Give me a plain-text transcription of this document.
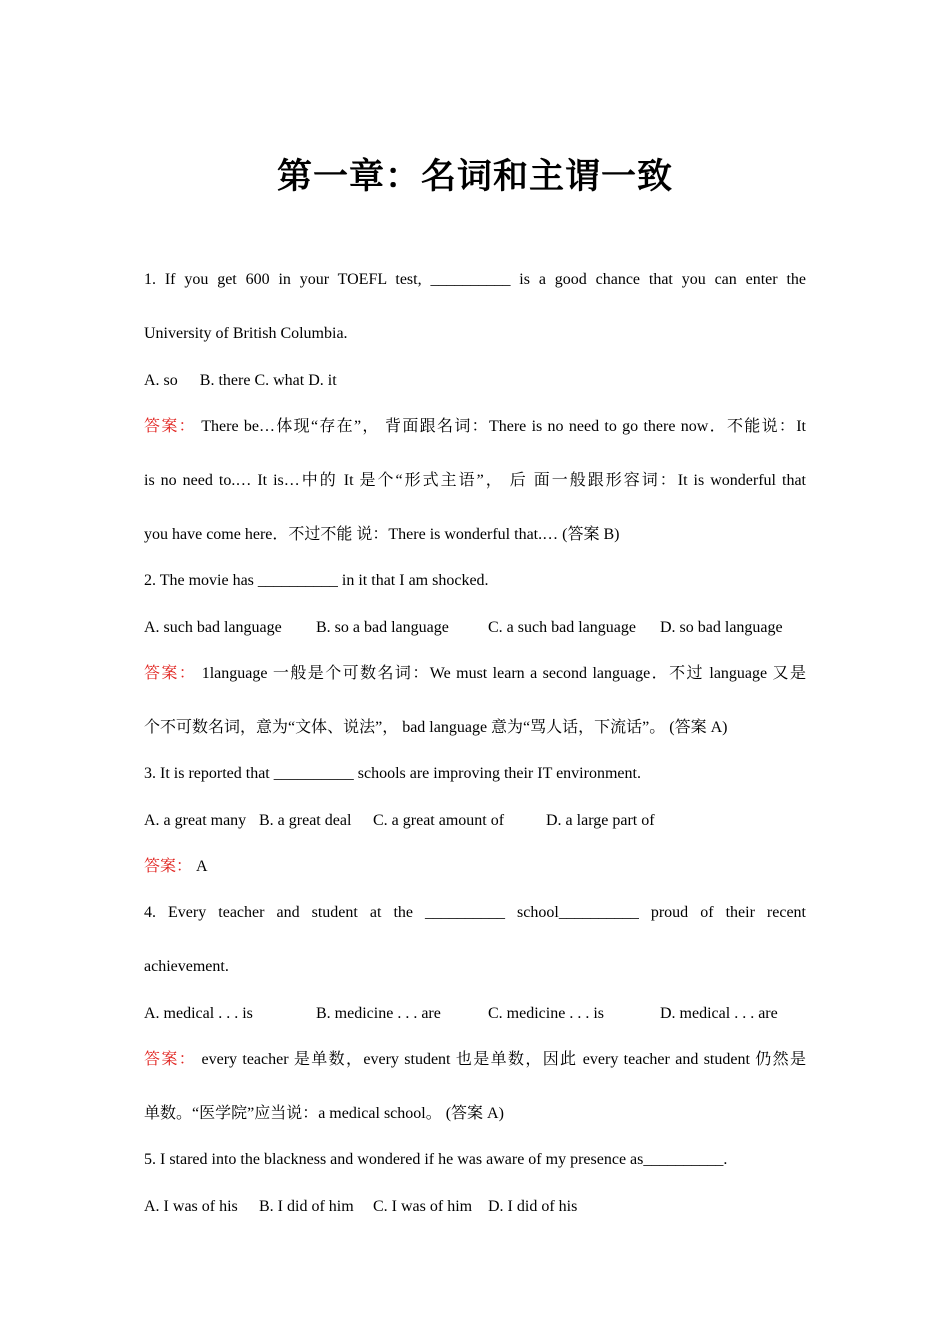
第一章：名词和主谓一致
1. If you get 600 in your TOEFL test, __________ is a good chance that you can enter the
University of British Columbia.
A. so B. there C. what D. it
答案： There be…体现“存在”， 背面跟名词：There is no need to go there now．不能说：It
is no need to.… It is…中的 It 是个“形式主语”， 后 面一般跟形容词：It is wonderful that
you have come here．不过不能 说：There is wonderful that.… (答案 B)
2. The movie has __________ in it that I am shocked.
A. such bad language B. so a bad language C. a such bad language D. so bad language
答案： 1language 一般是个可数名词：We must learn a second language．不过 language 又是
个不可数名词，意为“文体、说法”， bad language 意为“骂人话，下流话”。 (答案 A)
3. It is reported that __________ schools are improving their IT environment.
A. a great many B. a great deal C. a great amount of	D. a large part of
答案： A
4. Every teacher and student at the __________ school__________ proud of their recent
achievement.
A. medical . . . is	B. medicine . . . are	C. medicine . . . is	D. medical . . . are
答案： every teacher 是单数，every student 也是单数，因此 every teacher and student 仍然是
单数。“医学院”应当说：a medical school。 (答案 A)
5. I stared into the blackness and wondered if he was aware of my presence as__________.
A. I was of his B. I did of him C. I was of him D. I did of his
